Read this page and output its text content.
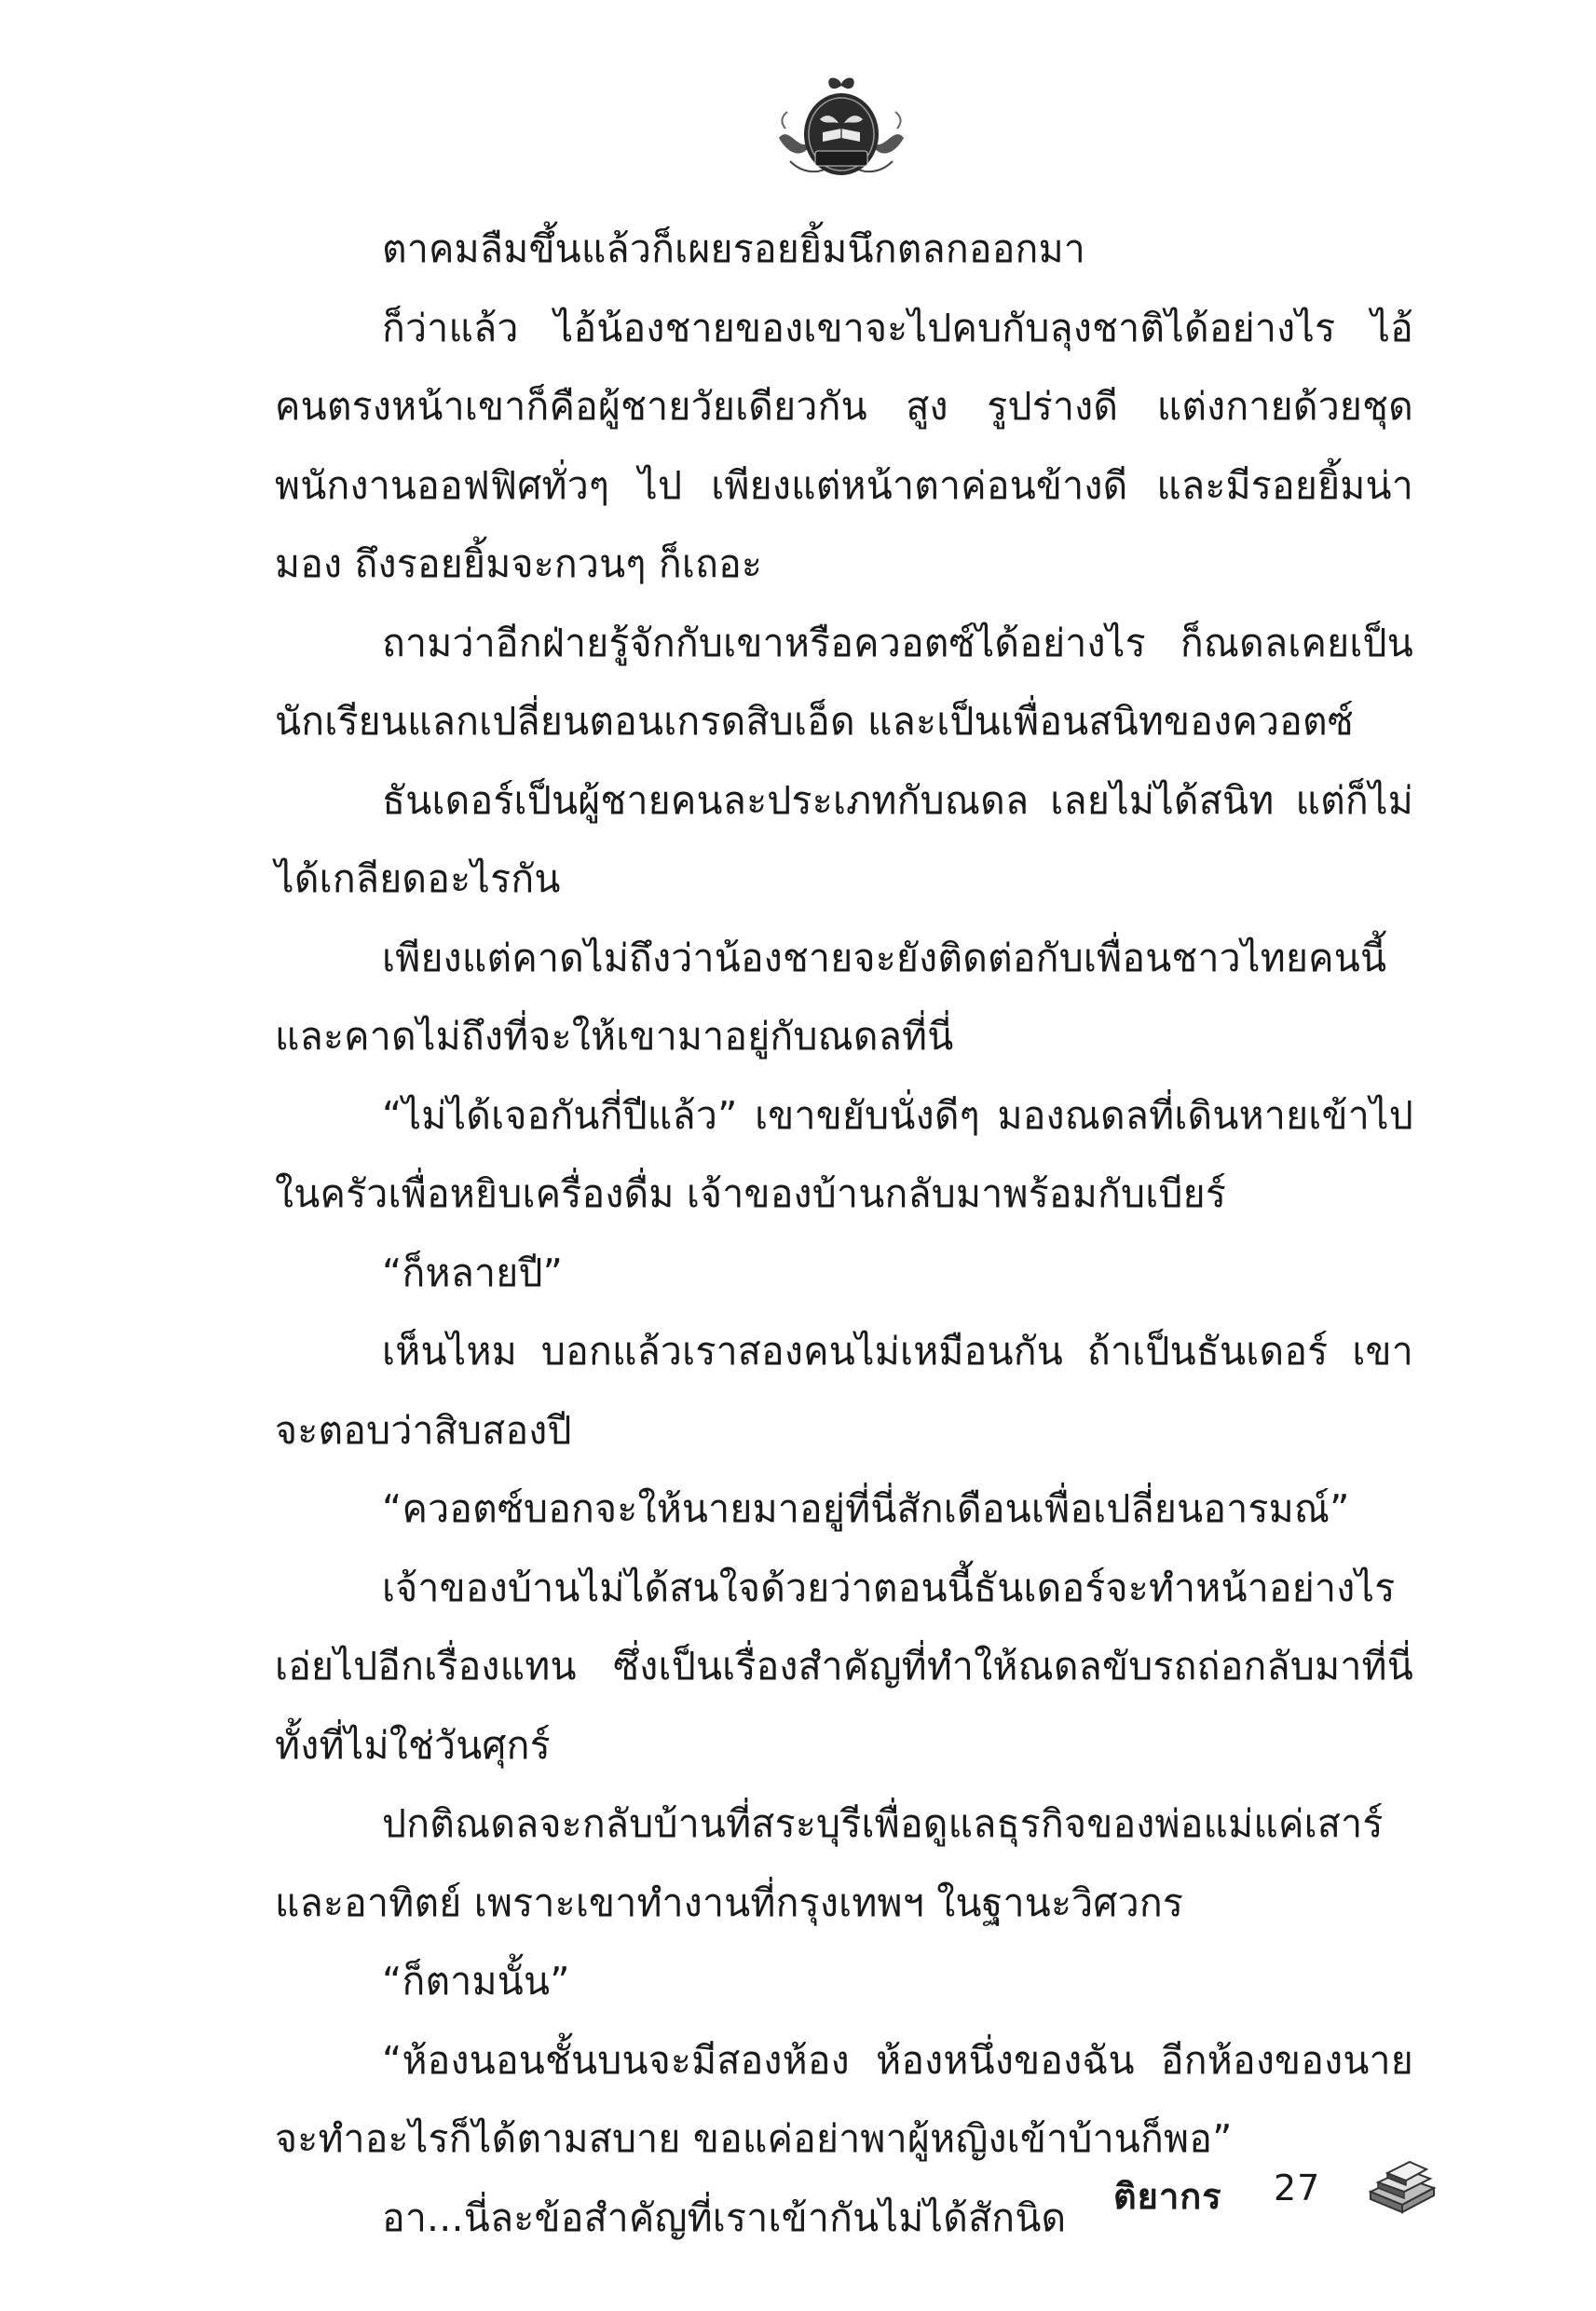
ตาคมลืมขึ้นแล้วก็เผยรอยยิ้มนึกตลกออกมา

ก็ว่าแล้ว ไอ้น้องชายของเขาจะไปคบกับลุงชาติได้อย่างไร ไอ้คนตรงหน้าเขาก็คือผู้ชายวัยเดียวกัน สูง รูปร่างดี แต่งกายด้วยชุดพนักงานออฟฟิศทั่วๆ ไป เพียงแต่หน้าตาค่อนข้างดี และมีรอยยิ้มน่ามอง ถึงรอยยิ้มจะกวนๆ ก็เถอะ

ถามว่าอีกฝ่ายรู้จักกับเขาหรือควอตซ์ได้อย่างไร ก็ณดลเคยเป็นนักเรียนแลกเปลี่ยนตอนเกรดสิบเอ็ด และเป็นเพื่อนสนิทของควอตซ์

ธันเดอร์เป็นผู้ชายคนละประเภทกับณดล เลยไม่ได้สนิท แต่ก็ไม่ได้เกลียดอะไรกัน

เพียงแต่คาดไม่ถึงว่าน้องชายจะยังติดต่อกับเพื่อนชาวไทยคนนี้และคาดไม่ถึงที่จะให้เขามาอยู่กับณดลที่นี่

“ไม่ได้เจอกันกี่ปีแล้ว” เขาขยับนั่งดีๆ มองณดลที่เดินหายเข้าไปในครัวเพื่อหยิบเครื่องดื่ม เจ้าของบ้านกลับมาพร้อมกับเบียร์

“ก็หลายปี”

เห็นไหม บอกแล้วเราสองคนไม่เหมือนกัน ถ้าเป็นธันเดอร์ เขาจะตอบว่าสิบสองปี

“ควอตซ์บอกจะให้นายมาอยู่ที่นี่สักเดือนเพื่อเปลี่ยนอารมณ์”

เจ้าของบ้านไม่ได้สนใจด้วยว่าตอนนี้ธันเดอร์จะทำหน้าอย่างไรเอ่ยไปอีกเรื่องแทน ซึ่งเป็นเรื่องสำคัญที่ทำให้ณดลขับรถถ่อกลับมาที่นี่ทั้งที่ไม่ใช่วันศุกร์

ปกติณดลจะกลับบ้านที่สระบุรีเพื่อดูแลธุรกิจของพ่อแม่แค่เสาร์และอาทิตย์ เพราะเขาทำงานที่กรุงเทพฯ ในฐานะวิศวกร

“ก็ตามนั้น”

“ห้องนอนชั้นบนจะมีสองห้อง ห้องหนึ่งของฉัน อีกห้องของนายจะทำอะไรก็ได้ตามสบาย ขอแค่อย่าพาผู้หญิงเข้าบ้านก็พอ”

อา...นี่ละข้อสำคัญที่เราเข้ากันไม่ได้สักนิด	ติยากร 27
